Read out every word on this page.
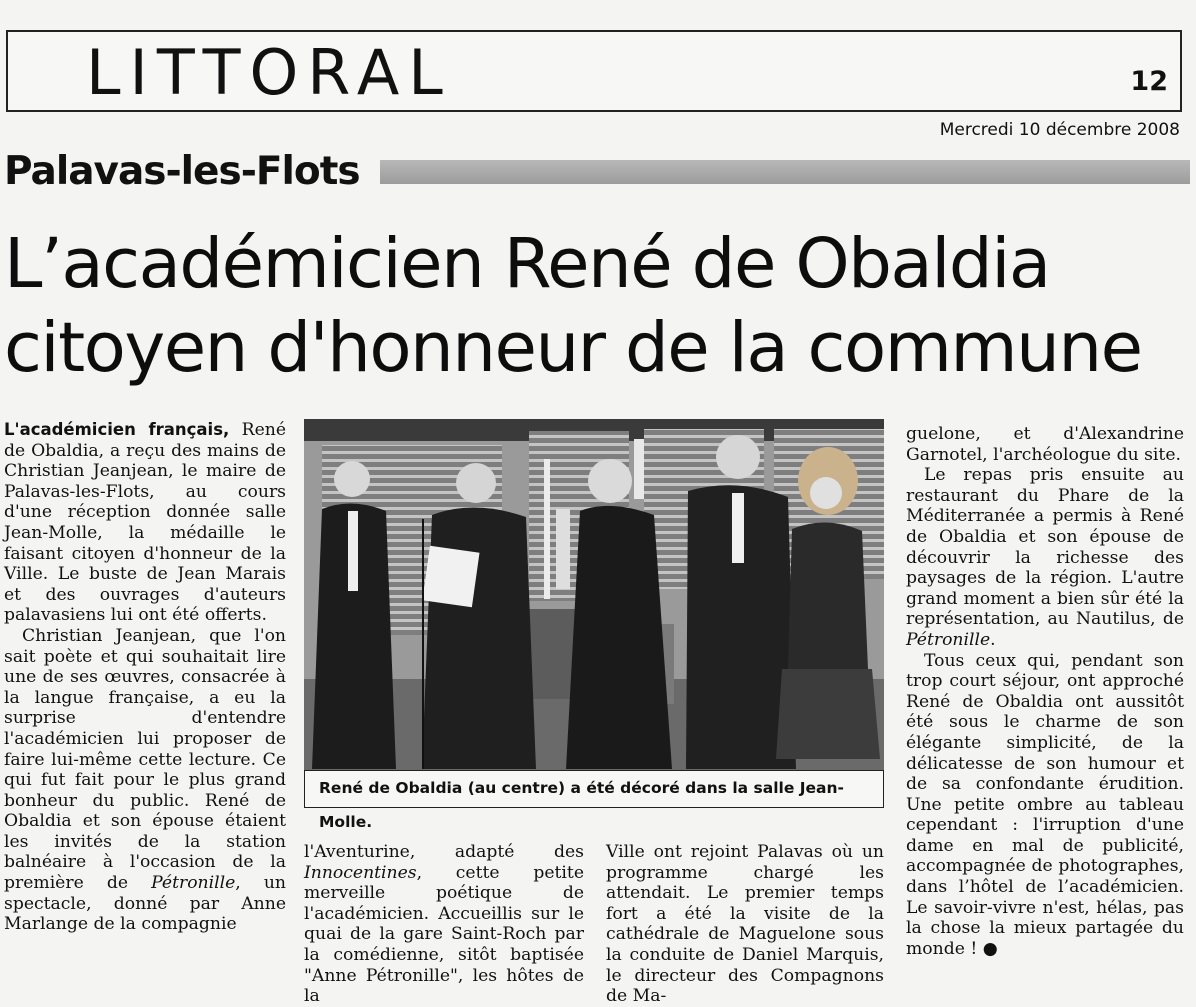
LITTORAL	12
Mercredi 10 décembre 2008
Palavas-les-Flots
L’académicien René de Obaldia
citoyen d'honneur de la commune

L'académicien français, René de Obaldia, a reçu des mains de Christian Jeanjean, le maire de Palavas-les-Flots, au cours d'une réception donnée salle Jean-Molle, la médaille le faisant citoyen d'honneur de la Ville. Le buste de Jean Marais et des ouvrages d'auteurs palavasiens lui ont été offerts.

Christian Jeanjean, que l'on sait poète et qui souhaitait lire une de ses œuvres, consacrée à la langue française, a eu la surprise d'entendre l'académicien lui proposer de faire lui-même cette lecture. Ce qui fut fait pour le plus grand bonheur du public. René de Obaldia et son épouse étaient les invités de la station balnéaire à l'occasion de la première de Pétronille, un spectacle, donné par Anne Marlange de la compagnie

René de Obaldia (au centre) a été décoré dans la salle Jean-Molle.

l'Aventurine, adapté des Innocentines, cette petite merveille poétique de l'académicien. Accueillis sur le quai de la gare Saint-Roch par la comédienne, sitôt baptisée "Anne Pétronille", les hôtes de la

Ville ont rejoint Palavas où un programme chargé les attendait. Le premier temps fort a été la visite de la cathédrale de Maguelone sous la conduite de Daniel Marquis, le directeur des Compagnons de Ma-

guelone, et d'Alexandrine Garnotel, l'archéologue du site.

Le repas pris ensuite au restaurant du Phare de la Méditerranée a permis à René de Obaldia et son épouse de découvrir la richesse des paysages de la région. L'autre grand moment a bien sûr été la représentation, au Nautilus, de Pétronille.

Tous ceux qui, pendant son trop court séjour, ont approché René de Obaldia ont aussitôt été sous le charme de son élégante simplicité, de la délicatesse de son humour et de sa confondante érudition. Une petite ombre au tableau cependant : l'irruption d'une dame en mal de publicité, accompagnée de photographes, dans l’hôtel de l’académicien. Le savoir-vivre n'est, hélas, pas la chose la mieux partagée du monde ! ●
